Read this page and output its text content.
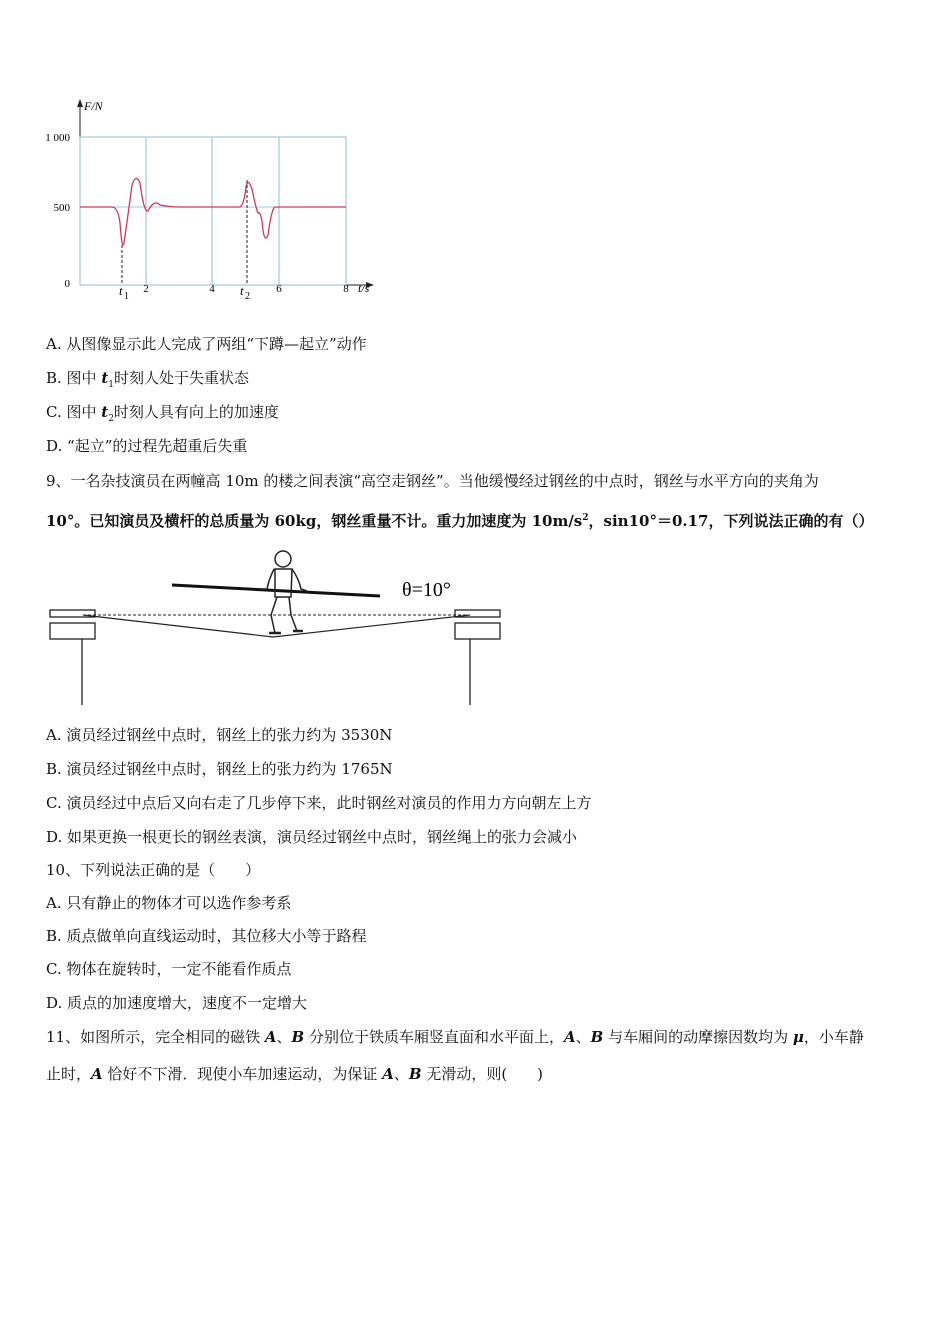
F/N
t/s
1 000
500
0	2	4	6	8
t 1	t 2
A. 从图像显示此人完成了两组“下蹲—起立”动作
B. 图中 $t_1$时刻人处于失重状态
C. 图中 $t_2$时刻人具有向上的加速度
D. “起立”的过程先超重后失重
9、一名杂技演员在两幢高 10m 的楼之间表演“高空走钢丝”。当他缓慢经过钢丝的中点时，钢丝与水平方向的夹角为
10°。已知演员及横杆的总质量为 60kg，钢丝重量不计。重力加速度为 $10m/s^2$，sin10°＝0.17，下列说法正确的有（）
θ=10°
A. 演员经过钢丝中点时，钢丝上的张力约为 3530N
B. 演员经过钢丝中点时，钢丝上的张力约为 1765N
C. 演员经过中点后又向右走了几步停下来，此时钢丝对演员的作用力方向朝左上方
D. 如果更换一根更长的钢丝表演，演员经过钢丝中点时，钢丝绳上的张力会减小
10、下列说法正确的是（　　）
A. 只有静止的物体才可以选作参考系
B. 质点做单向直线运动时，其位移大小等于路程
C. 物体在旋转时，一定不能看作质点
D. 质点的加速度增大，速度不一定增大
11、如图所示，完全相同的磁铁 A、B 分别位于铁质车厢竖直面和水平面上，A、B 与车厢间的动摩擦因数均为 μ，小车静
止时，A 恰好不下滑．现使小车加速运动，为保证 A、B 无滑动，则(　　)
